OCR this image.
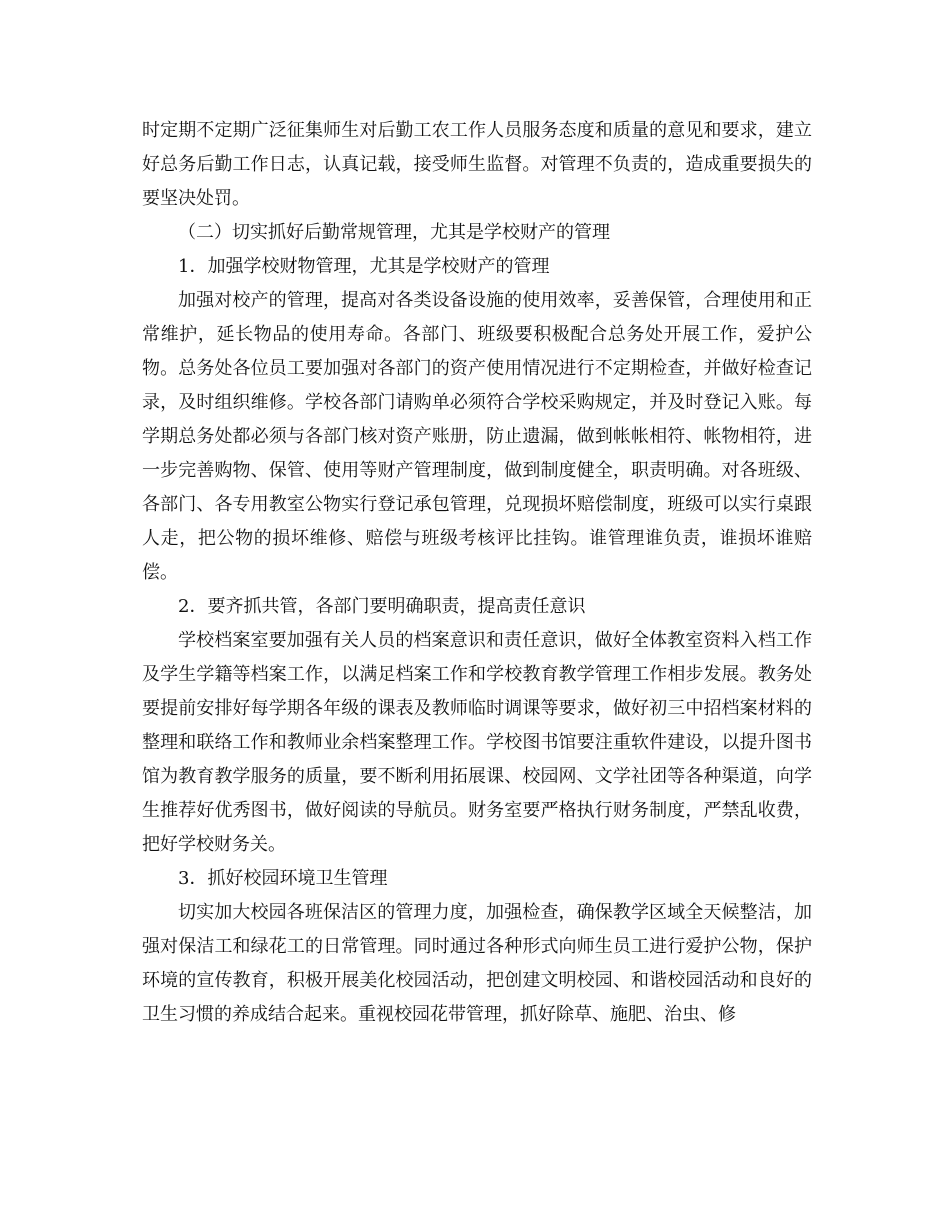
时定期不定期广泛征集师生对后勤工农工作人员服务态度和质量的意见和要求，建立好总务后勤工作日志，认真记载，接受师生监督。对管理不负责的，造成重要损失的要坚决处罚。

（二）切实抓好后勤常规管理，尤其是学校财产的管理

1．加强学校财物管理，尤其是学校财产的管理

加强对校产的管理，提高对各类设备设施的使用效率，妥善保管，合理使用和正常维护，延长物品的使用寿命。各部门、班级要积极配合总务处开展工作，爱护公物。总务处各位员工要加强对各部门的资产使用情况进行不定期检查，并做好检查记录，及时组织维修。学校各部门请购单必须符合学校采购规定，并及时登记入账。每学期总务处都必须与各部门核对资产账册，防止遗漏，做到帐帐相符、帐物相符，进一步完善购物、保管、使用等财产管理制度，做到制度健全，职责明确。对各班级、各部门、各专用教室公物实行登记承包管理，兑现损坏赔偿制度，班级可以实行桌跟人走，把公物的损坏维修、赔偿与班级考核评比挂钩。谁管理谁负责，谁损坏谁赔偿。

2．要齐抓共管，各部门要明确职责，提高责任意识

学校档案室要加强有关人员的档案意识和责任意识，做好全体教室资料入档工作及学生学籍等档案工作，以满足档案工作和学校教育教学管理工作相步发展。教务处要提前安排好每学期各年级的课表及教师临时调课等要求，做好初三中招档案材料的整理和联络工作和教师业余档案整理工作。学校图书馆要注重软件建设，以提升图书馆为教育教学服务的质量，要不断利用拓展课、校园网、文学社团等各种渠道，向学生推荐好优秀图书，做好阅读的导航员。财务室要严格执行财务制度，严禁乱收费，把好学校财务关。

3．抓好校园环境卫生管理

切实加大校园各班保洁区的管理力度，加强检查，确保教学区域全天候整洁，加强对保洁工和绿花工的日常管理。同时通过各种形式向师生员工进行爱护公物，保护环境的宣传教育，积极开展美化校园活动，把创建文明校园、和谐校园活动和良好的卫生习惯的养成结合起来。重视校园花带管理，抓好除草、施肥、治虫、修
